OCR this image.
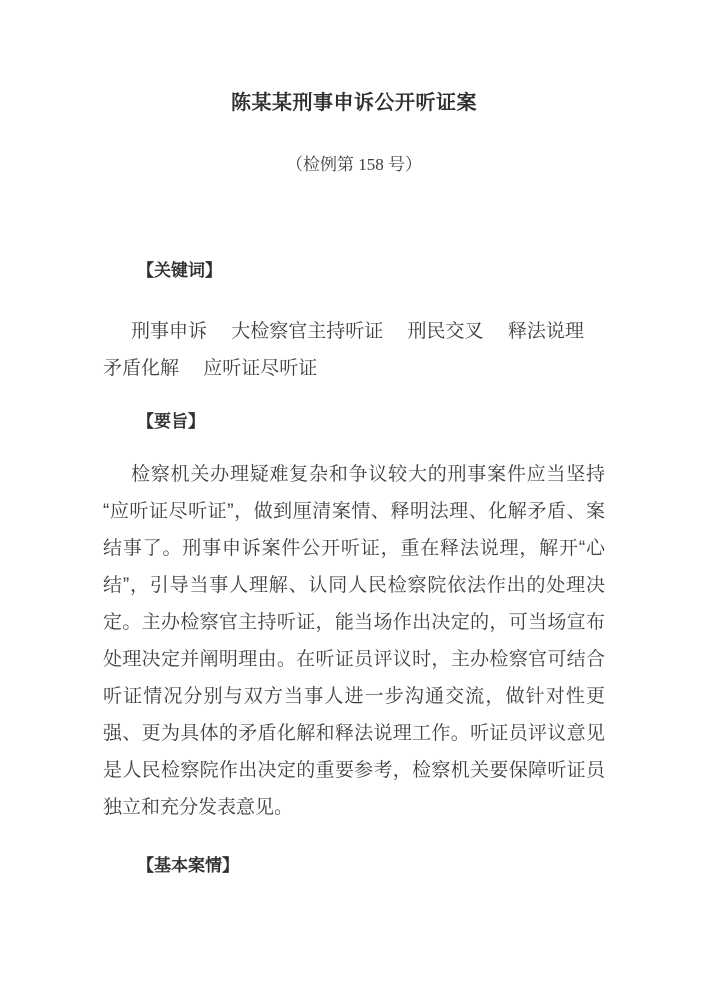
陈某某刑事申诉公开听证案

（检例第 158 号）

【关键词】

刑事申诉　 大检察官主持听证　 刑民交叉　 释法说理　 矛盾化解　 应听证尽听证

【要旨】

检察机关办理疑难复杂和争议较大的刑事案件应当坚持“应听证尽听证”，做到厘清案情、释明法理、化解矛盾、案结事了。刑事申诉案件公开听证，重在释法说理，解开“心结”，引导当事人理解、认同人民检察院依法作出的处理决定。主办检察官主持听证，能当场作出决定的，可当场宣布处理决定并阐明理由。在听证员评议时，主办检察官可结合听证情况分别与双方当事人进一步沟通交流，做针对性更强、更为具体的矛盾化解和释法说理工作。听证员评议意见是人民检察院作出决定的重要参考，检察机关要保障听证员独立和充分发表意见。

【基本案情】
